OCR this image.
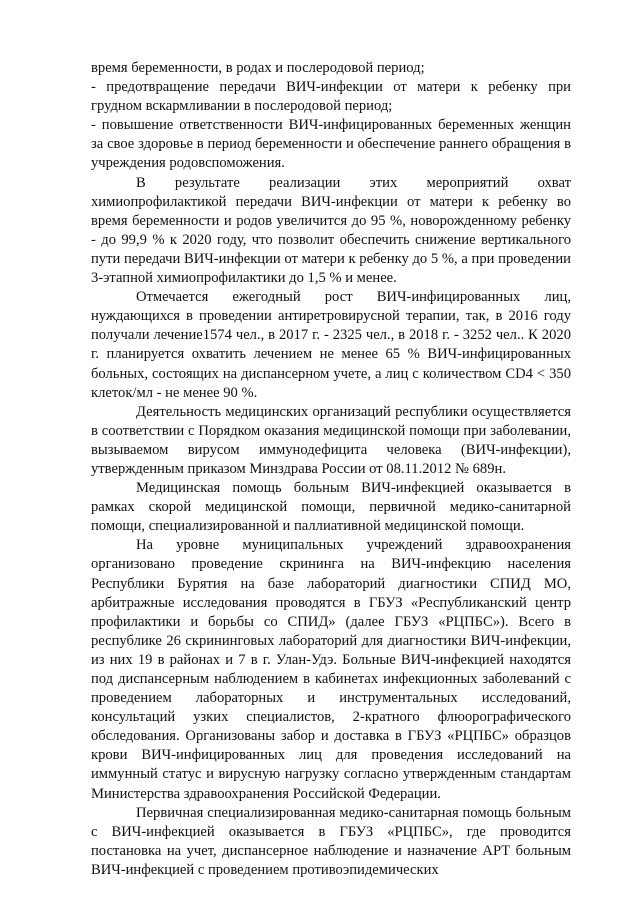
время беременности, в родах и послеродовой период;

- предотвращение передачи ВИЧ-инфекции от матери к ребенку при грудном вскармливании в послеродовой период;

- повышение ответственности ВИЧ-инфицированных беременных женщин за свое здоровье в период беременности и обеспечение раннего обращения в учреждения родовспоможения.

В результате реализации этих мероприятий охват химиопрофилактикой передачи ВИЧ-инфекции от матери к ребенку во время беременности и родов увеличится до 95 %, новорожденному ребенку - до 99,9 % к 2020 году, что позволит обеспечить снижение вертикального пути передачи ВИЧ-инфекции от матери к ребенку до 5 %, а при проведении 3-этапной химиопрофилактики до 1,5 % и менее.

Отмечается ежегодный рост ВИЧ-инфицированных лиц, нуждающихся в проведении антиретровирусной терапии, так, в 2016 году получали лечение1574 чел., в 2017 г. - 2325 чел., в 2018 г. - 3252 чел.. К 2020 г. планируется охватить лечением не менее 65 % ВИЧ-инфицированных больных, состоящих на диспансерном учете, а лиц с количеством CD4 < 350 клеток/мл - не менее 90 %.

Деятельность медицинских организаций республики осуществляется в соответствии с Порядком оказания медицинской помощи при заболевании, вызываемом вирусом иммунодефицита человека (ВИЧ-инфекции), утвержденным приказом Минздрава России от 08.11.2012 № 689н.

Медицинская помощь больным ВИЧ-инфекцией оказывается в рамках скорой медицинской помощи, первичной медико-санитарной помощи, специализированной и паллиативной медицинской помощи.

На уровне муниципальных учреждений здравоохранения организовано проведение скрининга на ВИЧ-инфекцию населения Республики Бурятия на базе лабораторий диагностики СПИД МО, арбитражные исследования проводятся в ГБУЗ «Республиканский центр профилактики и борьбы со СПИД» (далее ГБУЗ «РЦПБС»). Всего в республике 26 скрининговых лабораторий для диагностики ВИЧ-инфекции, из них 19 в районах и 7 в г. Улан-Удэ. Больные ВИЧ-инфекцией находятся под диспансерным наблюдением в кабинетах инфекционных заболеваний с проведением лабораторных и инструментальных исследований, консультаций узких специалистов, 2-кратного флюорографического обследования. Организованы забор и доставка в ГБУЗ «РЦПБС» образцов крови ВИЧ-инфицированных лиц для проведения исследований на иммунный статус и вирусную нагрузку согласно утвержденным стандартам Министерства здравоохранения Российской Федерации.

Первичная специализированная медико-санитарная помощь больным с ВИЧ-инфекцией оказывается в ГБУЗ «РЦПБС», где проводится постановка на учет, диспансерное наблюдение и назначение АРТ больным ВИЧ-инфекцией с проведением противоэпидемических
